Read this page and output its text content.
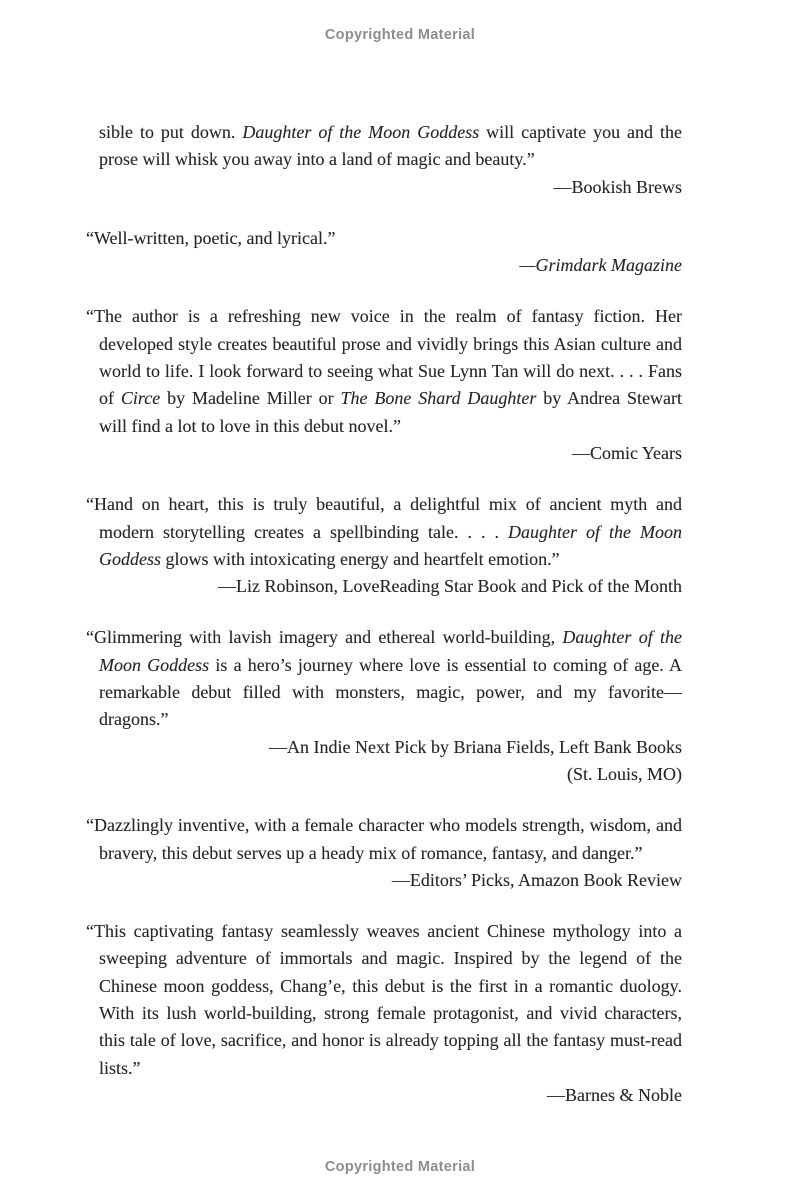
Copyrighted Material

sible to put down. Daughter of the Moon Goddess will captivate you and the prose will whisk you away into a land of magic and beauty.”

—Bookish Brews

“Well-written, poetic, and lyrical.”

—Grimdark Magazine

“The author is a refreshing new voice in the realm of fantasy fiction. Her developed style creates beautiful prose and vividly brings this Asian culture and world to life. I look forward to seeing what Sue Lynn Tan will do next. . . . Fans of Circe by Madeline Miller or The Bone Shard Daughter by Andrea Stewart will find a lot to love in this debut novel.”

—Comic Years

“Hand on heart, this is truly beautiful, a delightful mix of ancient myth and modern storytelling creates a spellbinding tale. . . . Daughter of the Moon Goddess glows with intoxicating energy and heartfelt emotion.”

—Liz Robinson, LoveReading Star Book and Pick of the Month

“Glimmering with lavish imagery and ethereal world-building, Daughter of the Moon Goddess is a hero’s journey where love is essential to coming of age. A remarkable debut filled with monsters, magic, power, and my favorite—dragons.”

—An Indie Next Pick by Briana Fields, Left Bank Books
(St. Louis, MO)

“Dazzlingly inventive, with a female character who models strength, wisdom, and bravery, this debut serves up a heady mix of romance, fantasy, and danger.”

—Editors’ Picks, Amazon Book Review

“This captivating fantasy seamlessly weaves ancient Chinese mythology into a sweeping adventure of immortals and magic. Inspired by the legend of the Chinese moon goddess, Chang’e, this debut is the first in a romantic duology. With its lush world-building, strong female protagonist, and vivid characters, this tale of love, sacrifice, and honor is already topping all the fantasy must-read lists.”

—Barnes & Noble
Copyrighted Material
